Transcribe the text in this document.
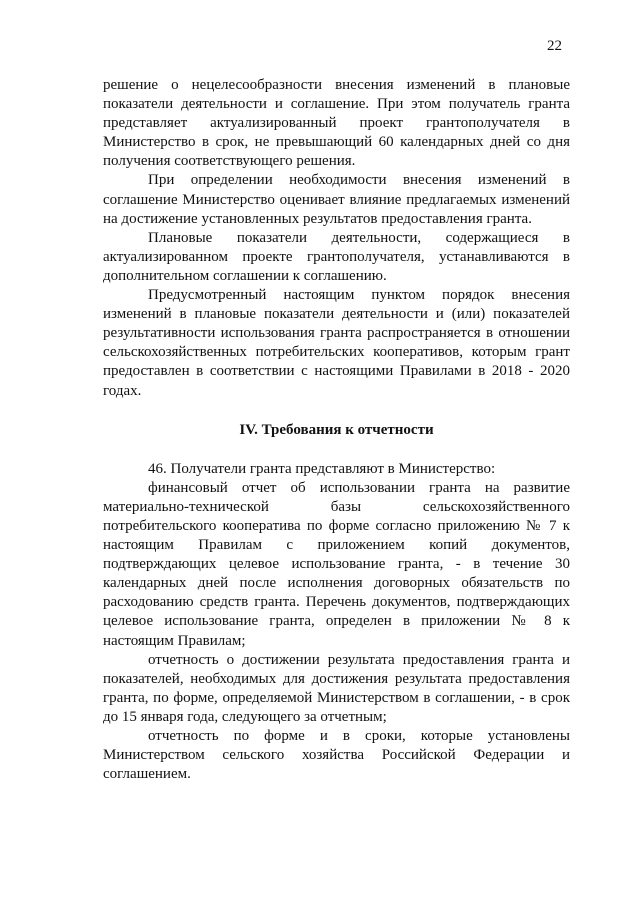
22

решение о нецелесообразности внесения изменений в плановые показатели деятельности и соглашение. При этом получатель гранта представляет актуализированный проект грантополучателя в Министерство в срок, не превышающий 60 календарных дней со дня получения соответствующего решения.

При определении необходимости внесения изменений в соглашение Министерство оценивает влияние предлагаемых изменений на достижение установленных результатов предоставления гранта.

Плановые показатели деятельности, содержащиеся в актуализированном проекте грантополучателя, устанавливаются в дополнительном соглашении к соглашению.

Предусмотренный настоящим пунктом порядок внесения изменений в плановые показатели деятельности и (или) показателей результативности использования гранта распространяется в отношении сельскохозяйственных потребительских кооперативов, которым грант предоставлен в соответствии с настоящими Правилами в 2018 - 2020 годах.

IV. Требования к отчетности

46. Получатели гранта представляют в Министерство:

финансовый отчет об использовании гранта на развитие материально-технической базы сельскохозяйственного потребительского кооператива по форме согласно приложению № 7 к настоящим Правилам с приложением копий документов, подтверждающих целевое использование гранта, - в течение 30 календарных дней после исполнения договорных обязательств по расходованию средств гранта. Перечень документов, подтверждающих целевое использование гранта, определен в приложении № 8 к настоящим Правилам;

отчетность о достижении результата предоставления гранта и показателей, необходимых для достижения результата предоставления гранта, по форме, определяемой Министерством в соглашении, - в срок до 15 января года, следующего за отчетным;

отчетность по форме и в сроки, которые установлены Министерством сельского хозяйства Российской Федерации и соглашением.
